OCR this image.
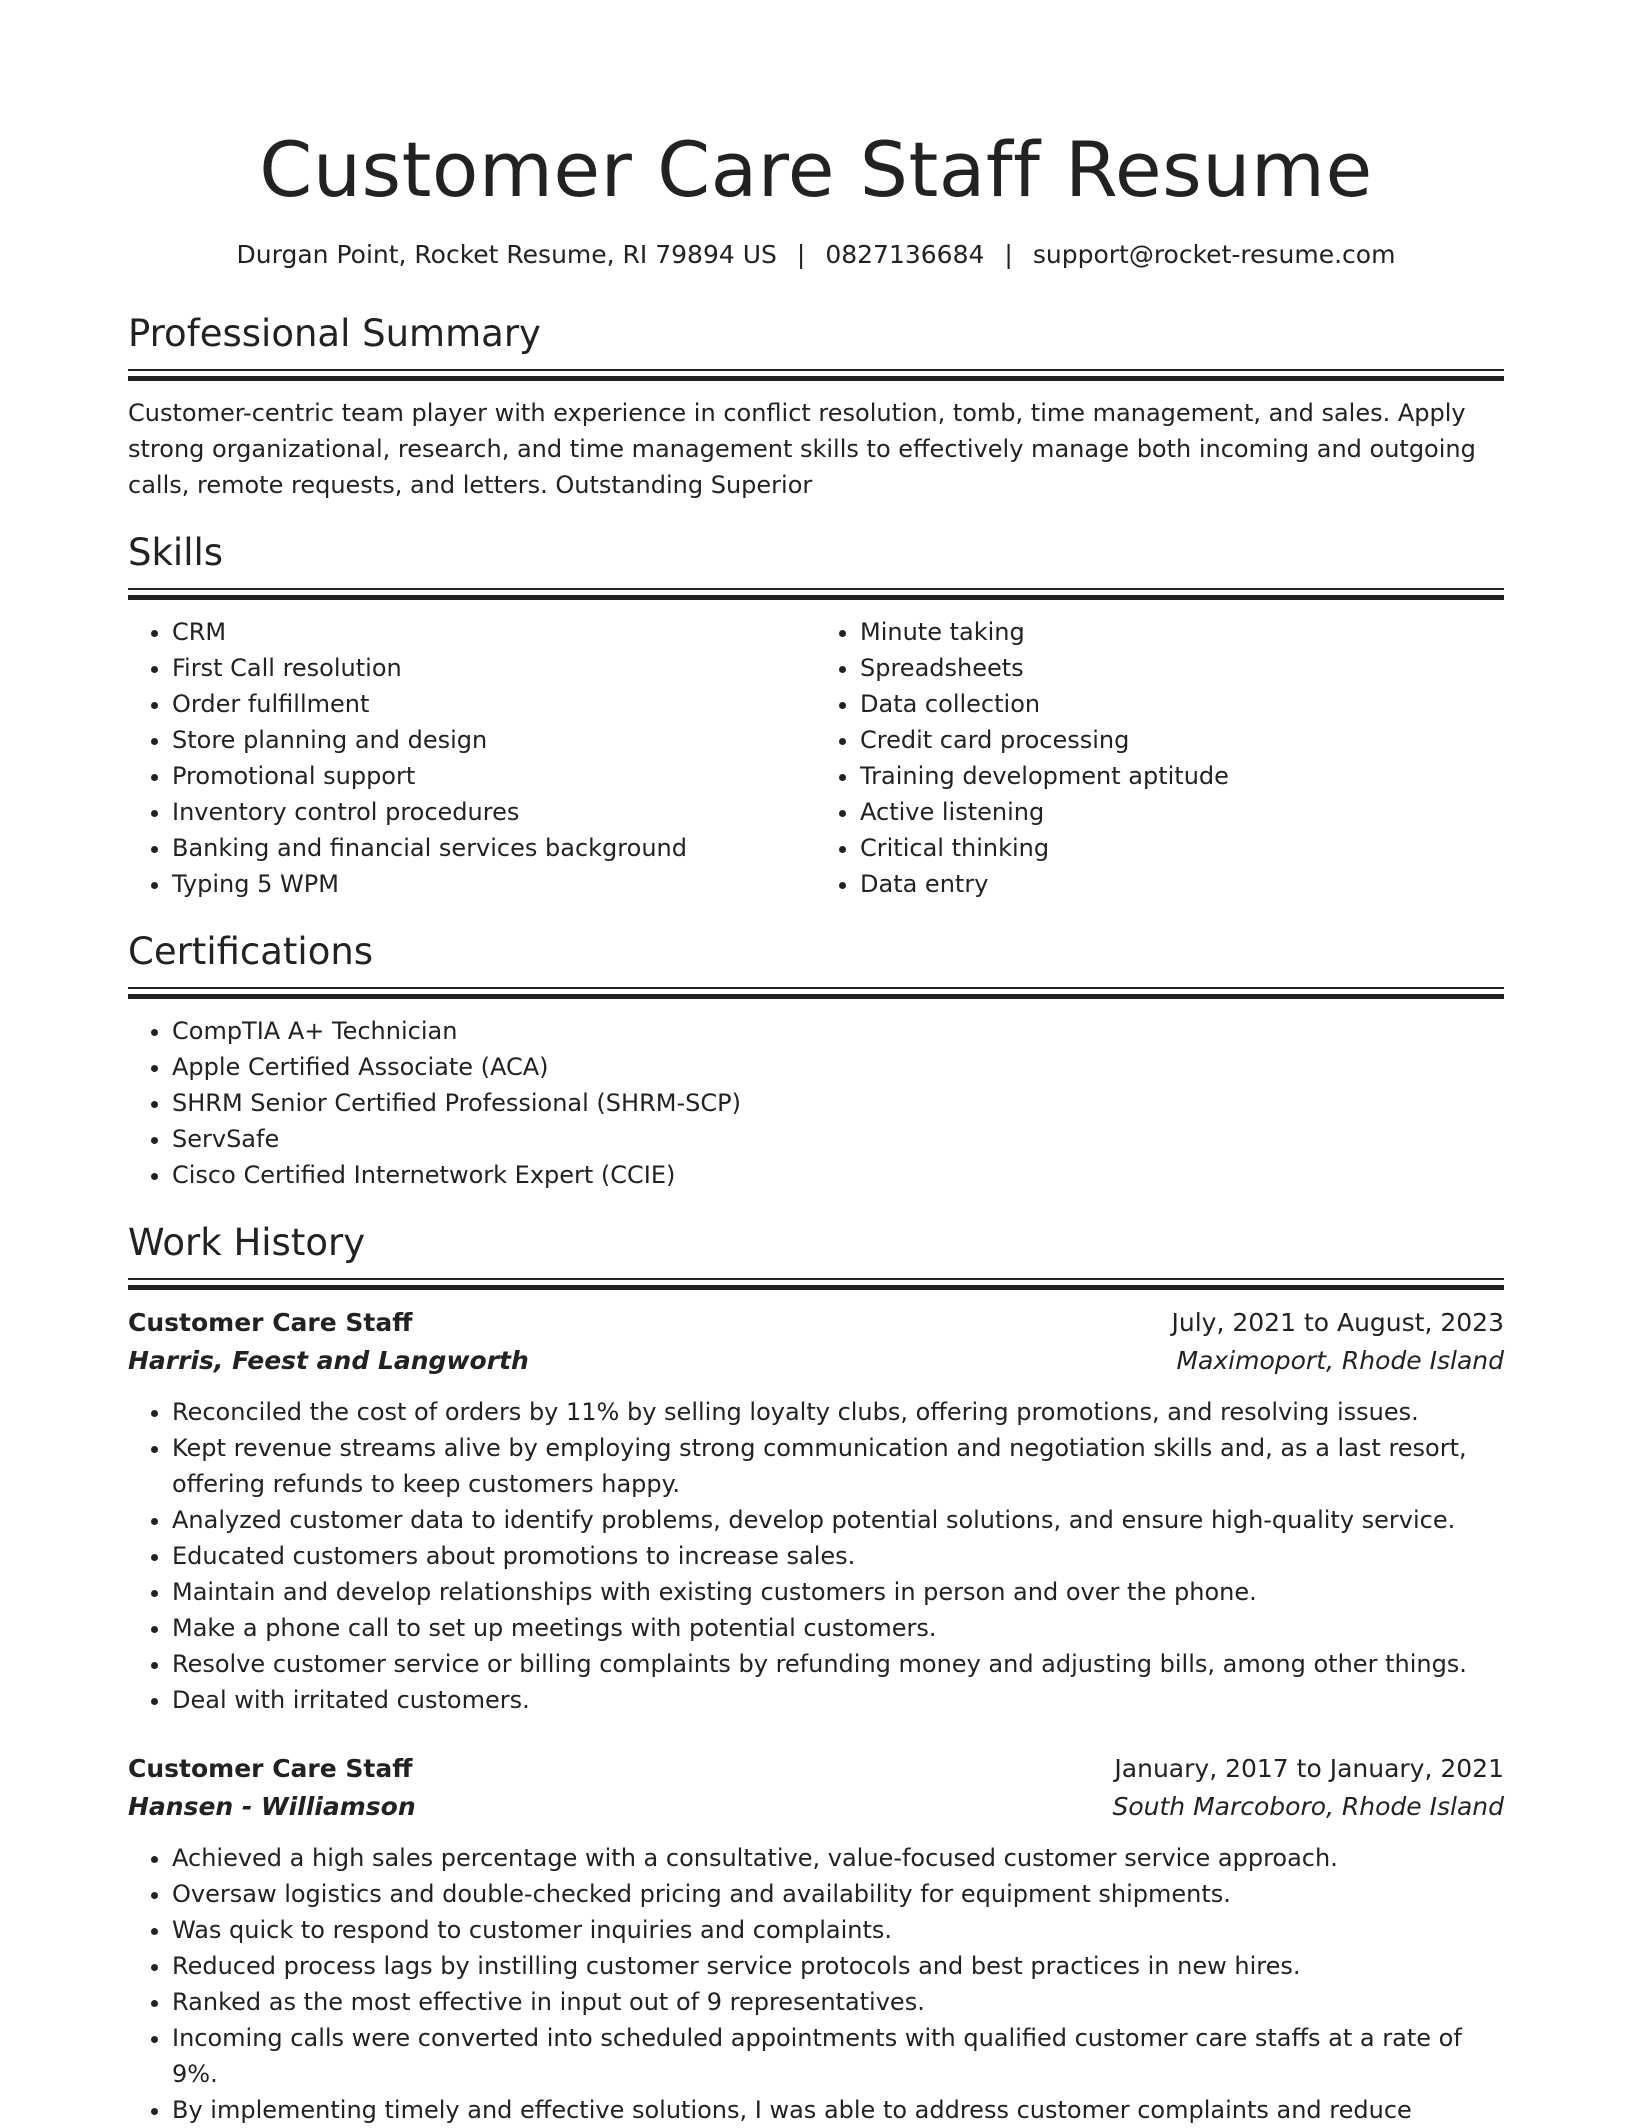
Customer Care Staff Resume
Durgan Point, Rocket Resume, RI 79894 US | 0827136684 | support@rocket-resume.com
Professional Summary

Customer-centric team player with experience in conflict resolution, tomb, time management, and sales. Apply strong organizational, research, and time management skills to effectively manage both incoming and outgoing calls, remote requests, and letters. Outstanding Superior

Skills
• CRM
• First Call resolution
• Order fulfillment
• Store planning and design
• Promotional support
• Inventory control procedures
• Banking and financial services background
• Typing 5 WPM
• Minute taking
• Spreadsheets
• Data collection
• Credit card processing
• Training development aptitude
• Active listening
• Critical thinking
• Data entry
Certifications
• CompTIA A+ Technician
• Apple Certified Associate (ACA)
• SHRM Senior Certified Professional (SHRM-SCP)
• ServSafe
• Cisco Certified Internetwork Expert (CCIE)
Work History
Customer Care Staff	July, 2021 to August, 2023
Harris, Feest and Langworth	Maximoport, Rhode Island
• Reconciled the cost of orders by 11% by selling loyalty clubs, offering promotions, and resolving issues.
• Kept revenue streams alive by employing strong communication and negotiation skills and, as a last resort, offering refunds to keep customers happy.
• Analyzed customer data to identify problems, develop potential solutions, and ensure high-quality service.
• Educated customers about promotions to increase sales.
• Maintain and develop relationships with existing customers in person and over the phone.
• Make a phone call to set up meetings with potential customers.
• Resolve customer service or billing complaints by refunding money and adjusting bills, among other things.
• Deal with irritated customers.
Customer Care Staff	January, 2017 to January, 2021
Hansen - Williamson	South Marcoboro, Rhode Island
• Achieved a high sales percentage with a consultative, value-focused customer service approach.
• Oversaw logistics and double-checked pricing and availability for equipment shipments.
• Was quick to respond to customer inquiries and complaints.
• Reduced process lags by instilling customer service protocols and best practices in new hires.
• Ranked as the most effective in input out of 9 representatives.
• Incoming calls were converted into scheduled appointments with qualified customer care staffs at a rate of 9%.
• By implementing timely and effective solutions, I was able to address customer complaints and reduce
